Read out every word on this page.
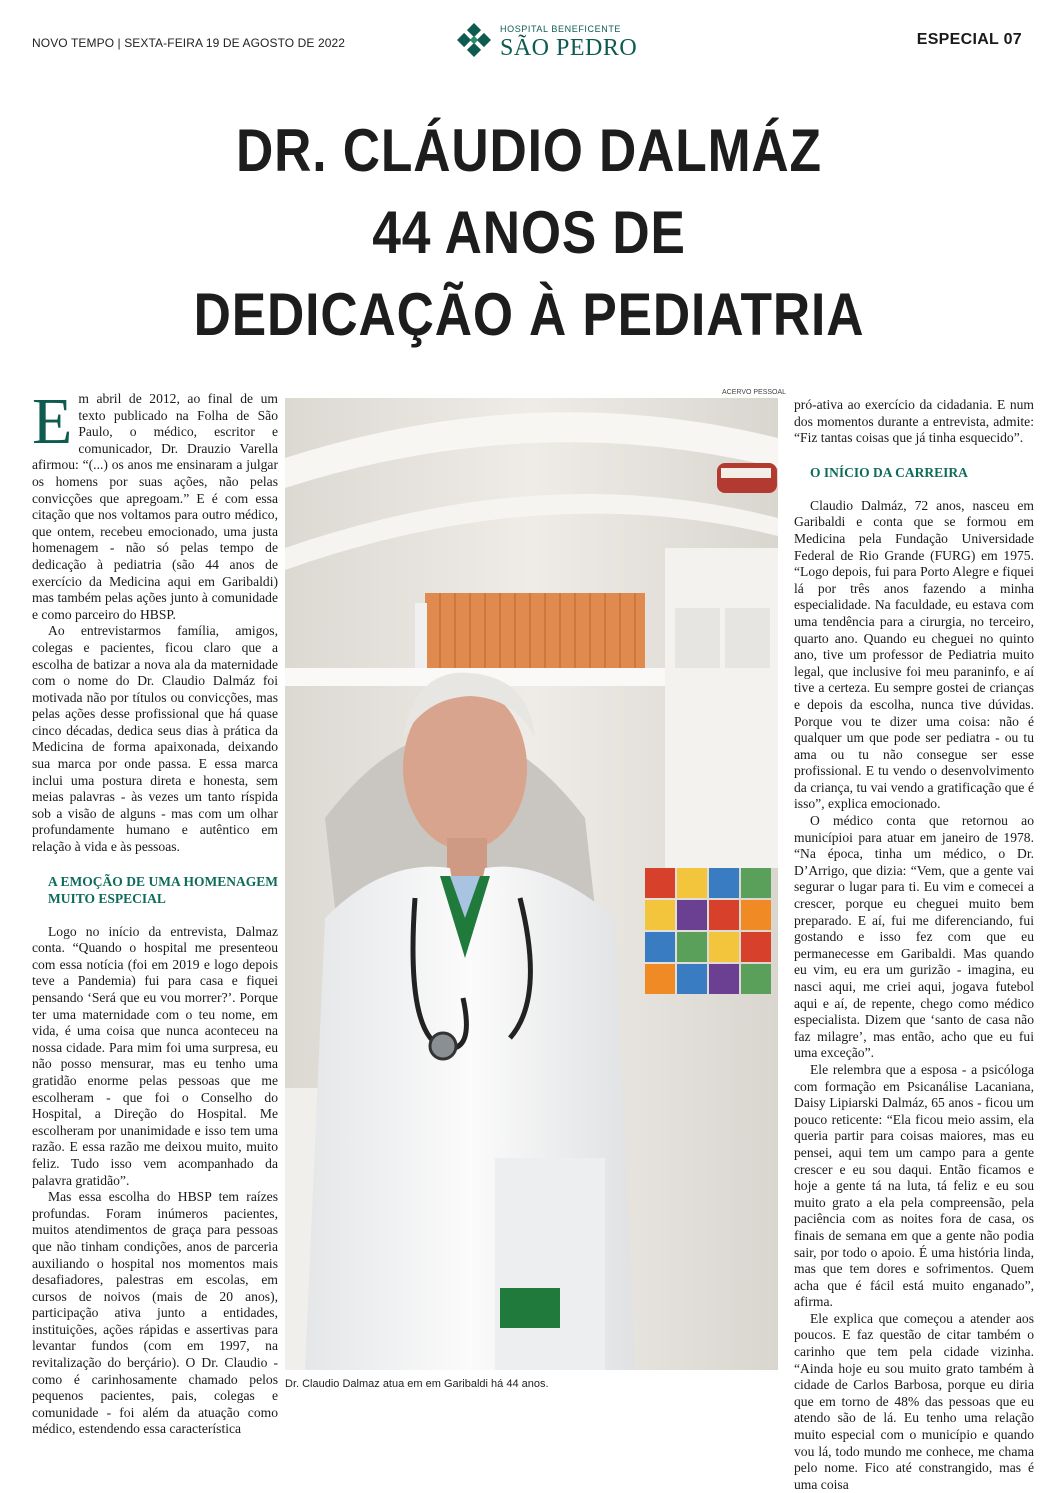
NOVO TEMPO | SEXTA-FEIRA 19 DE AGOSTO DE 2022
HOSPITAL BENEFICENTE
SÃO PEDRO	ESPECIAL 07
DR. CLÁUDIO DALMÁZ
44 ANOS DE
DEDICAÇÃO À PEDIATRIA

Em abril de 2012, ao final de um texto publicado na Folha de São Paulo, o médico, escritor e comunicador, Dr. Drauzio Varella afirmou: “(...) os anos me ensinaram a julgar os homens por suas ações, não pelas convicções que apregoam.” E é com essa citação que nos voltamos para outro médico, que ontem, recebeu emocionado, uma justa homenagem - não só pelas tempo de dedicação à pediatria (são 44 anos de exercício da Medicina aqui em Garibaldi) mas também pelas ações junto à comunidade e como parceiro do HBSP.

Ao entrevistarmos família, amigos, colegas e pacientes, ficou claro que a escolha de batizar a nova ala da maternidade com o nome do Dr. Claudio Dalmáz foi motivada não por títulos ou convicções, mas pelas ações desse profissional que há quase cinco décadas, dedica seus dias à prática da Medicina de forma apaixonada, deixando sua marca por onde passa. E essa marca inclui uma postura direta e honesta, sem meias palavras - às vezes um tanto ríspida sob a visão de alguns - mas com um olhar profundamente humano e autêntico em relação à vida e às pessoas.

A EMOÇÃO DE UMA HOMENAGEM MUITO ESPECIAL

Logo no início da entrevista, Dalmaz conta. “Quando o hospital me presenteou com essa notícia (foi em 2019 e logo depois teve a Pandemia) fui para casa e fiquei pensando ‘Será que eu vou morrer?’. Porque ter uma maternidade com o teu nome, em vida, é uma coisa que nunca aconteceu na nossa cidade. Para mim foi uma surpresa, eu não posso mensurar, mas eu tenho uma gratidão enorme pelas pessoas que me escolheram - que foi o Conselho do Hospital, a Direção do Hospital. Me escolheram por unanimidade e isso tem uma razão. E essa razão me deixou muito, muito feliz. Tudo isso vem acompanhado da palavra gratidão”.

Mas essa escolha do HBSP tem raízes profundas. Foram inúmeros pacientes, muitos atendimentos de graça para pessoas que não tinham condições, anos de parceria auxiliando o hospital nos momentos mais desafiadores, palestras em escolas, em cursos de noivos (mais de 20 anos), participação ativa junto a entidades, instituições, ações rápidas e assertivas para levantar fundos (com em 1997, na revitalização do berçário). O Dr. Claudio - como é carinhosamente chamado pelos pequenos pacientes, pais, colegas e comunidade - foi além da atuação como médico, estendendo essa característica

ACERVO PESSOAL
Dr. Claudio Dalmaz atua em em Garibaldi há 44 anos.

pró-ativa ao exercício da cidadania. E num dos momentos durante a entrevista, admite: “Fiz tantas coisas que já tinha esquecido”.

O INÍCIO DA CARREIRA

Claudio Dalmáz, 72 anos, nasceu em Garibaldi e conta que se formou em Medicina pela Fundação Universidade Federal de Rio Grande (FURG) em 1975. “Logo depois, fui para Porto Alegre e fiquei lá por três anos fazendo a minha especialidade. Na faculdade, eu estava com uma tendência para a cirurgia, no terceiro, quarto ano. Quando eu cheguei no quinto ano, tive um professor de Pediatria muito legal, que inclusive foi meu paraninfo, e aí tive a certeza. Eu sempre gostei de crianças e depois da escolha, nunca tive dúvidas. Porque vou te dizer uma coisa: não é qualquer um que pode ser pediatra - ou tu ama ou tu não consegue ser esse profissional. E tu vendo o desenvolvimento da criança, tu vai vendo a gratificação que é isso”, explica emocionado.

O médico conta que retornou ao municípioi para atuar em janeiro de 1978. “Na época, tinha um médico, o Dr. D’Arrigo, que dizia: “Vem, que a gente vai segurar o lugar para ti. Eu vim e comecei a crescer, porque eu cheguei muito bem preparado. E aí, fui me diferenciando, fui gostando e isso fez com que eu permanecesse em Garibaldi. Mas quando eu vim, eu era um gurizão - imagina, eu nasci aqui, me criei aqui, jogava futebol aqui e aí, de repente, chego como médico especialista. Dizem que ‘santo de casa não faz milagre’, mas então, acho que eu fui uma exceção”.

Ele relembra que a esposa - a psicóloga com formação em Psicanálise Lacaniana, Daisy Lipiarski Dalmáz, 65 anos - ficou um pouco reticente: “Ela ficou meio assim, ela queria partir para coisas maiores, mas eu pensei, aqui tem um campo para a gente crescer e eu sou daqui. Então ficamos e hoje a gente tá na luta, tá feliz e eu sou muito grato a ela pela compreensão, pela paciência com as noites fora de casa, os finais de semana em que a gente não podia sair, por todo o apoio. É uma história linda, mas que tem dores e sofrimentos. Quem acha que é fácil está muito enganado”, afirma.

Ele explica que começou a atender aos poucos. E faz questão de citar também o carinho que tem pela cidade vizinha. “Ainda hoje eu sou muito grato também à cidade de Carlos Barbosa, porque eu diria que em torno de 48% das pessoas que eu atendo são de lá. Eu tenho uma relação muito especial com o município e quando vou lá, todo mundo me conhece, me chama pelo nome. Fico até constrangido, mas é uma coisa
